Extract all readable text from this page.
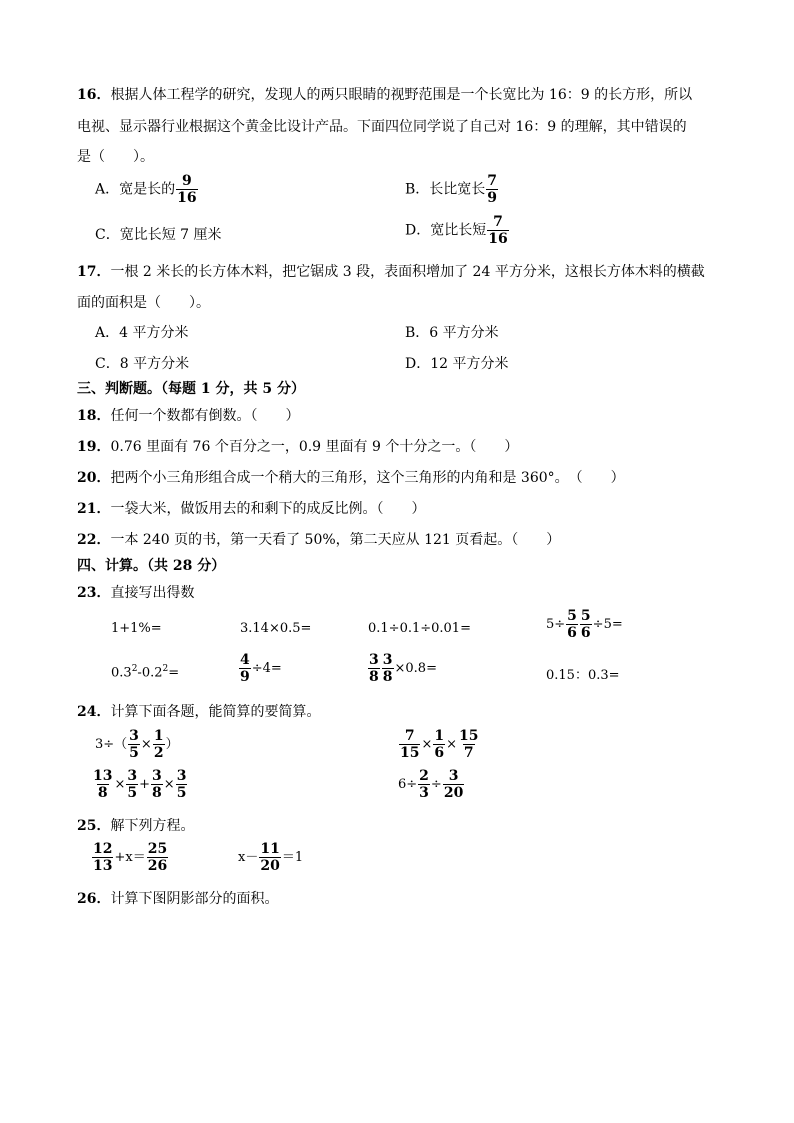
16．根据人体工程学的研究，发现人的两只眼睛的视野范围是一个长宽比为 16：9 的长方形，所以
电视、显示器行业根据这个黄金比设计产品。下面四位同学说了自己对 16：9 的理解，其中错误的
是（　　）。
A．宽是长的 $\frac{9}{16}$	B．长比宽长 $\frac{7}{9}$
C．宽比长短 7 厘米	D．宽比长短 $\frac{7}{16}$
17．一根 2 米长的长方体木料，把它锯成 3 段，表面积增加了 24 平方分米，这根长方体木料的横截
面的面积是（　　）。
A．4 平方分米	B．6 平方分米
C．8 平方分米	D．12 平方分米
三、判断题。（每题 1 分，共 5 分）
18．任何一个数都有倒数。（　　）
19．0.76 里面有 76 个百分之一，0.9 里面有 9 个十分之一。（　　）
20．把两个小三角形组合成一个稍大的三角形，这个三角形的内角和是 360°。　（　　）
21．一袋大米，做饭用去的和剩下的成反比例。（　　）
22．一本 240 页的书，第一天看了 50%，第二天应从 121 页看起。（　　）
四、计算。（共 28 分）
23．直接写出得数
1+1%=	3.14×0.5=	0.1÷0.1÷0.01=	$5\div \frac{5}{6} \frac{5}{6} \div 5=$
$0.3^2-0.2^2=$	$\frac{4}{9} \div 4=$	$\frac{3}{8} \frac{3}{8} \times 0.8=$	0.15：0.3=
24．计算下面各题，能简算的要简算。
$3\div( \frac{3}{5} \times \frac{1}{2}$ ）	$\frac{7}{15} \times \frac{1}{6} \times \frac{15}{7}$
$\frac{13}{8} \times \frac{3}{5} + \frac{3}{8} \times \frac{3}{5}$	$6\div \frac{2}{3} \div \frac{3}{20}$
25．解下列方程。
$\frac{12}{13} +x= \frac{25}{26}$	$x- \frac{11}{20} =1$
26．计算下图阴影部分的面积。
